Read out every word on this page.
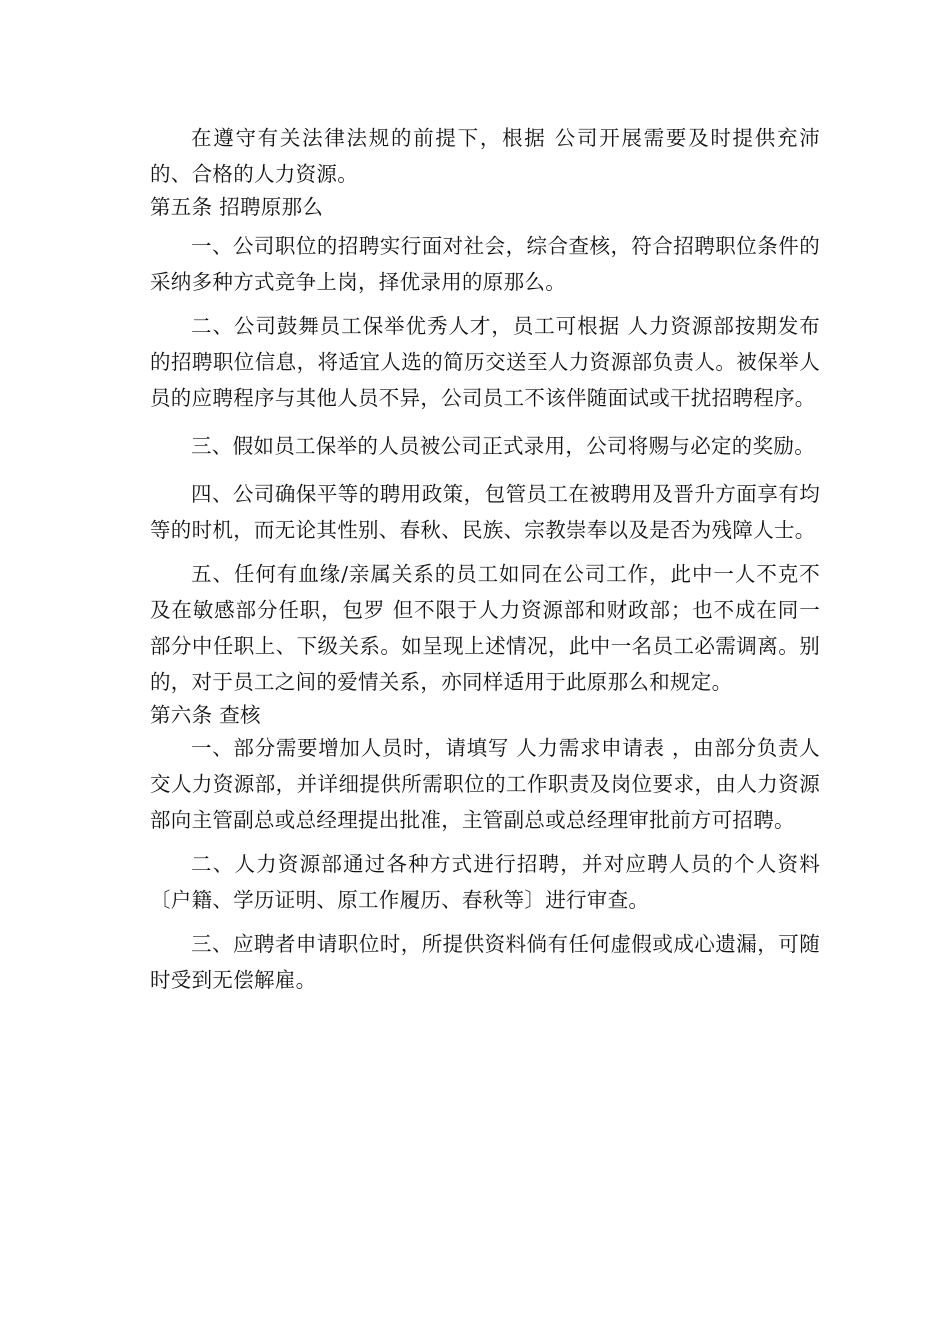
在遵守有关法律法规的前提下，根据 公司开展需要及时提供充沛的、合格的人力资源。

第五条 招聘原那么

一、公司职位的招聘实行面对社会，综合查核，符合招聘职位条件的采纳多种方式竞争上岗，择优录用的原那么。

二、公司鼓舞员工保举优秀人才，员工可根据 人力资源部按期发布的招聘职位信息，将适宜人选的简历交送至人力资源部负责人。被保举人员的应聘程序与其他人员不异，公司员工不该伴随面试或干扰招聘程序。

三、假如员工保举的人员被公司正式录用，公司将赐与必定的奖励。

四、公司确保平等的聘用政策，包管员工在被聘用及晋升方面享有均等的时机，而无论其性别、春秋、民族、宗教崇奉以及是否为残障人士。

五、任何有血缘/亲属关系的员工如同在公司工作，此中一人不克不及在敏感部分任职，包罗 但不限于人力资源部和财政部；也不成在同一部分中任职上、下级关系。如呈现上述情况，此中一名员工必需调离。别的，对于员工之间的爱情关系，亦同样适用于此原那么和规定。

第六条 查核

一、部分需要增加人员时，请填写 人力需求申请表 ，由部分负责人交人力资源部，并详细提供所需职位的工作职责及岗位要求，由人力资源部向主管副总或总经理提出批准，主管副总或总经理审批前方可招聘。

二、人力资源部通过各种方式进行招聘，并对应聘人员的个人资料〔户籍、学历证明、原工作履历、春秋等〕进行审查。

三、应聘者申请职位时，所提供资料倘有任何虚假或成心遗漏，可随时受到无偿解雇。
